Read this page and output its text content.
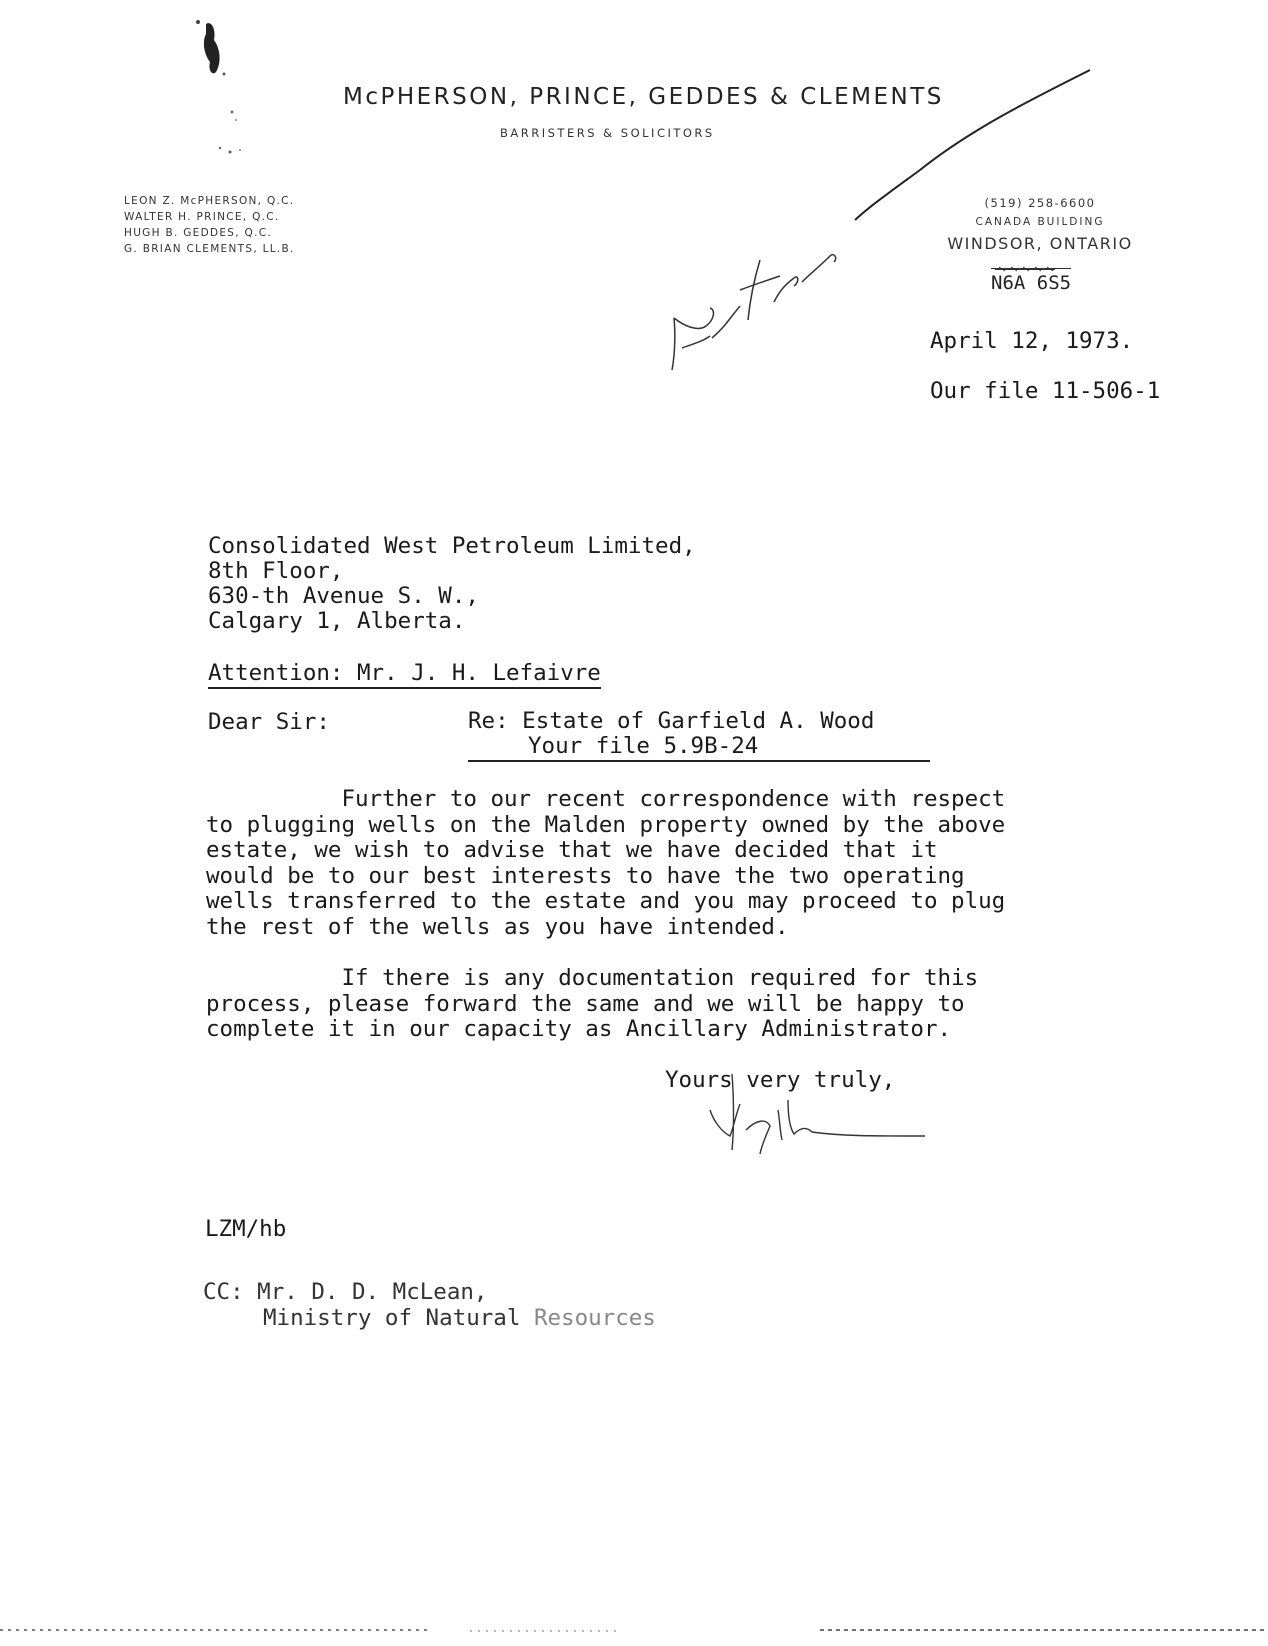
McPHERSON, PRINCE, GEDDES & CLEMENTS
BARRISTERS & SOLICITORS
LEON Z. McPHERSON, Q.C.
WALTER H. PRINCE, Q.C.
HUGH B. GEDDES, Q.C.
G. BRIAN CLEMENTS, LL.B.
(519) 258-6600
CANADA BUILDING
WINDSOR, ONTARIO
N6A 6S5
April 12, 1973.
Our file 11-506-1
Consolidated West Petroleum Limited,
8th Floor,
630-th Avenue S. W.,
Calgary 1, Alberta.
Attention: Mr. J. H. Lefaivre
Dear Sir:	Re: Estate of Garfield A. Wood
Your file 5.9B-24
Further to our recent correspondence with respect
to plugging wells on the Malden property owned by the above
estate, we wish to advise that we have decided that it
would be to our best interests to have the two operating
wells transferred to the estate and you may proceed to plug
the rest of the wells as you have intended.
If there is any documentation required for this
process, please forward the same and we will be happy to
complete it in our capacity as Ancillary Administrator.
Yours very truly,
LZM/hb
CC: Mr. D. D. McLean,
Ministry of Natural Resources
